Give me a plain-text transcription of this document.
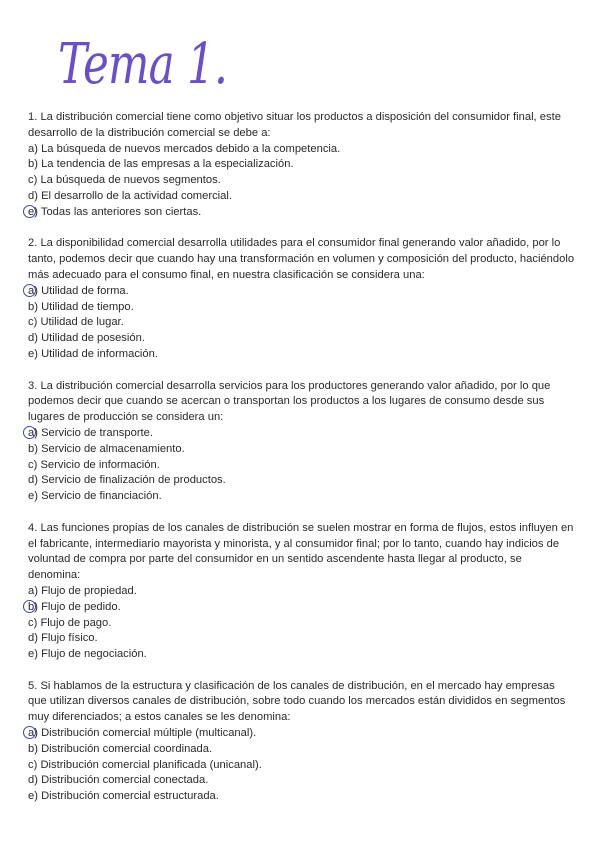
Tema 1.

1. La distribución comercial tiene como objetivo situar los productos a disposición del consumidor final, este desarrollo de la distribución comercial se debe a:

a) La búsqueda de nuevos mercados debido a la competencia.
b) La tendencia de las empresas a la especialización.
c) La búsqueda de nuevos segmentos.
d) El desarrollo de la actividad comercial.
e) Todas las anteriores son ciertas.

2. La disponibilidad comercial desarrolla utilidades para el consumidor final generando valor añadido, por lo tanto, podemos decir que cuando hay una transformación en volumen y composición del producto, haciéndolo más adecuado para el consumo final, en nuestra clasificación se considera una:

a) Utilidad de forma.
b) Utilidad de tiempo.
c) Utilidad de lugar.
d) Utilidad de posesión.
e) Utilidad de información.

3. La distribución comercial desarrolla servicios para los productores generando valor añadido, por lo que podemos decir que cuando se acercan o transportan los productos a los lugares de consumo desde sus lugares de producción se considera un:

a) Servicio de transporte.
b) Servicio de almacenamiento.
c) Servicio de información.
d) Servicio de finalización de productos.
e) Servicio de financiación.

4. Las funciones propias de los canales de distribución se suelen mostrar en forma de flujos, estos influyen en el fabricante, intermediario mayorista y minorista, y al consumidor final; por lo tanto, cuando hay indicios de voluntad de compra por parte del consumidor en un sentido ascendente hasta llegar al producto, se denomina:

a) Flujo de propiedad.
b) Flujo de pedido.
c) Flujo de pago.
d) Flujo físico.
e) Flujo de negociación.

5. Si hablamos de la estructura y clasificación de los canales de distribución, en el mercado hay empresas que utilizan diversos canales de distribución, sobre todo cuando los mercados están divididos en segmentos muy diferenciados; a estos canales se les denomina:

a) Distribución comercial múltiple (multicanal).
b) Distribución comercial coordinada.
c) Distribución comercial planificada (unicanal).
d) Distribución comercial conectada.
e) Distribución comercial estructurada.
